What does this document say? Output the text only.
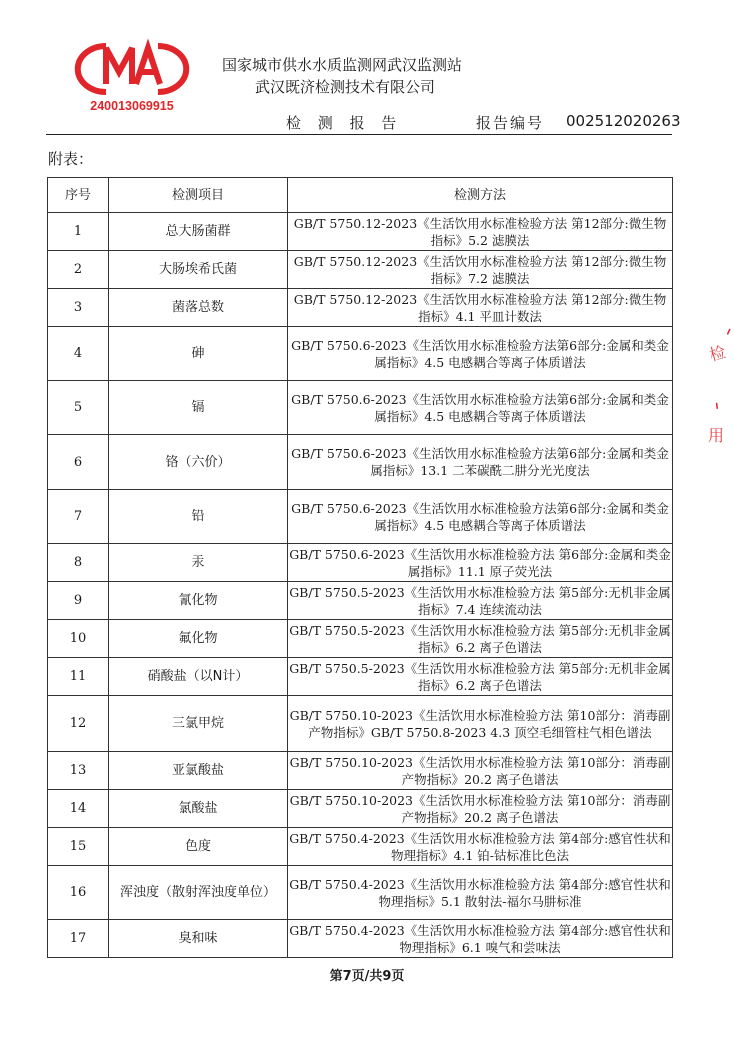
240013069915
国家城市供水水质监测网武汉监测站
武汉既济检测技术有限公司
检 测 报 告	报告编号 002512020263
附表：
序号	检测项目	检测方法
1	总大肠菌群	GB/T 5750.12-2023《生活饮用水标准检验方法 第12部分:微生物指标》5.2 滤膜法
2	大肠埃希氏菌	GB/T 5750.12-2023《生活饮用水标准检验方法 第12部分:微生物指标》7.2 滤膜法
3	菌落总数	GB/T 5750.12-2023《生活饮用水标准检验方法 第12部分:微生物指标》4.1 平皿计数法
4	砷	GB/T 5750.6-2023《生活饮用水标准检验方法第6部分:金属和类金属指标》4.5 电感耦合等离子体质谱法
5	镉	GB/T 5750.6-2023《生活饮用水标准检验方法第6部分:金属和类金属指标》4.5 电感耦合等离子体质谱法
6	铬（六价）	GB/T 5750.6-2023《生活饮用水标准检验方法第6部分:金属和类金属指标》13.1 二苯碳酰二肼分光光度法
7	铅	GB/T 5750.6-2023《生活饮用水标准检验方法第6部分:金属和类金属指标》4.5 电感耦合等离子体质谱法
8	汞	GB/T 5750.6-2023《生活饮用水标准检验方法 第6部分:金属和类金属指标》11.1 原子荧光法
9	氰化物	GB/T 5750.5-2023《生活饮用水标准检验方法 第5部分:无机非金属指标》7.4 连续流动法
10	氟化物	GB/T 5750.5-2023《生活饮用水标准检验方法 第5部分:无机非金属指标》6.2 离子色谱法
11	硝酸盐（以N计）	GB/T 5750.5-2023《生活饮用水标准检验方法 第5部分:无机非金属指标》6.2 离子色谱法
12	三氯甲烷	GB/T 5750.10-2023《生活饮用水标准检验方法 第10部分：消毒副产物指标》GB/T 5750.8-2023 4.3 顶空毛细管柱气相色谱法
13	亚氯酸盐	GB/T 5750.10-2023《生活饮用水标准检验方法 第10部分：消毒副产物指标》20.2 离子色谱法
14	氯酸盐	GB/T 5750.10-2023《生活饮用水标准检验方法 第10部分：消毒副产物指标》20.2 离子色谱法
15	色度	GB/T 5750.4-2023《生活饮用水标准检验方法 第4部分:感官性状和物理指标》4.1 铂-钴标准比色法
16	浑浊度（散射浑浊度单位）	GB/T 5750.4-2023《生活饮用水标准检验方法 第4部分:感官性状和物理指标》5.1 散射法-福尔马肼标准
17	臭和味	GB/T 5750.4-2023《生活饮用水标准检验方法 第4部分:感官性状和物理指标》6.1 嗅气和尝味法
第7页/共9页
检
用
